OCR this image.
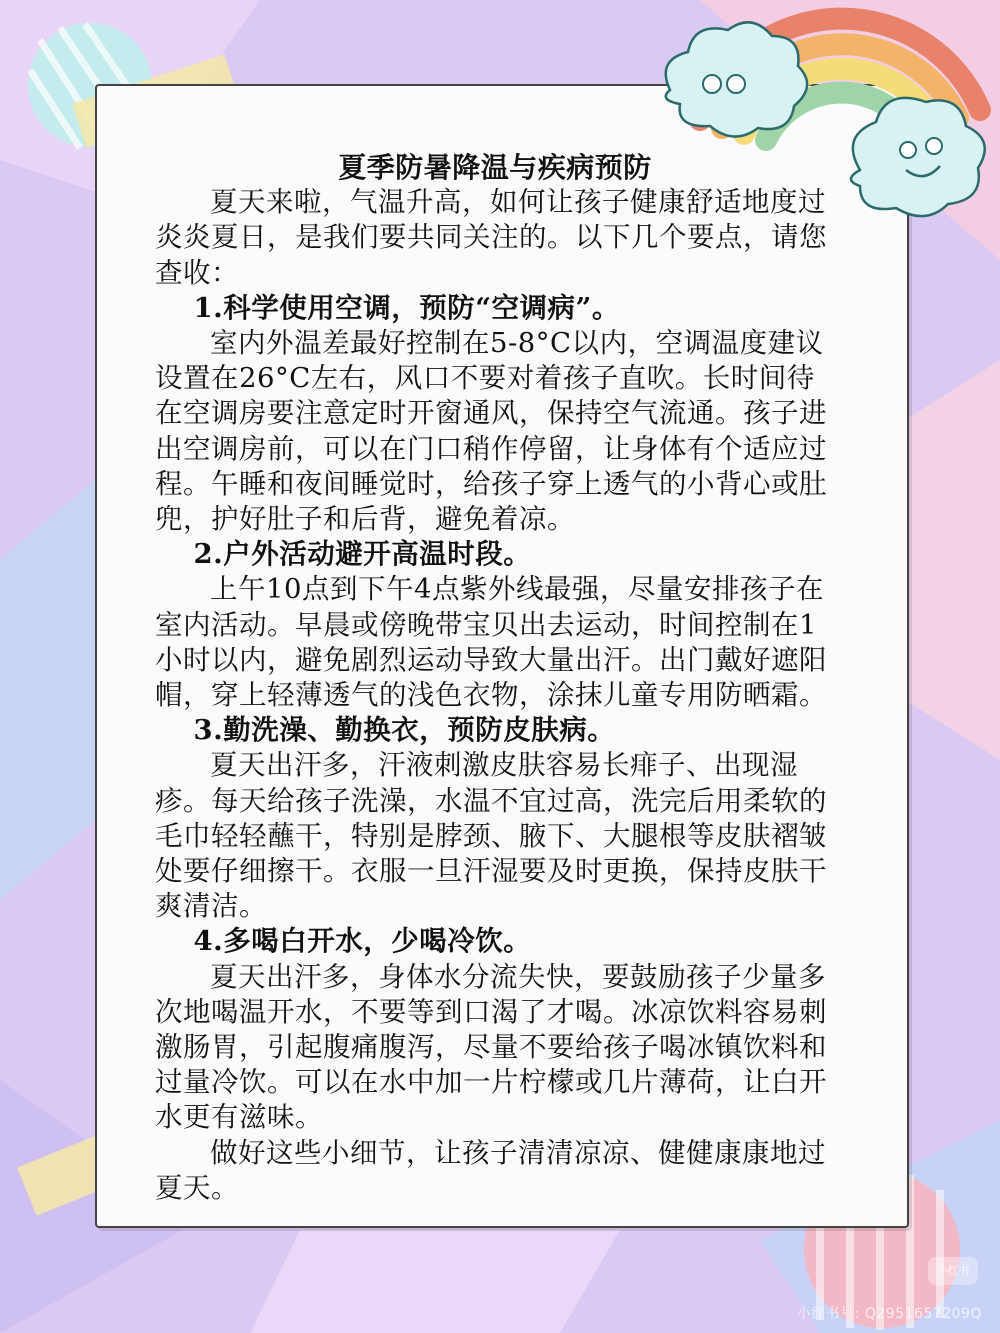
夏季防暑降温与疾病预防

夏天来啦，气温升高，如何让孩子健康舒适地度过炎炎夏日，是我们要共同关注的。以下几个要点，请您查收：

1.科学使用空调，预防“空调病”。

室内外温差最好控制在5-8°C以内，空调温度建议设置在26°C左右，风口不要对着孩子直吹。长时间待在空调房要注意定时开窗通风，保持空气流通。孩子进出空调房前，可以在门口稍作停留，让身体有个适应过程。午睡和夜间睡觉时，给孩子穿上透气的小背心或肚兜，护好肚子和后背，避免着凉。

2.户外活动避开高温时段。

上午10点到下午4点紫外线最强，尽量安排孩子在室内活动。早晨或傍晚带宝贝出去运动，时间控制在1小时以内，避免剧烈运动导致大量出汗。出门戴好遮阳帽，穿上轻薄透气的浅色衣物，涂抹儿童专用防晒霜。

3.勤洗澡、勤换衣，预防皮肤病。

夏天出汗多，汗液刺激皮肤容易长痱子、出现湿疹。每天给孩子洗澡，水温不宜过高，洗完后用柔软的毛巾轻轻蘸干，特别是脖颈、腋下、大腿根等皮肤褶皱处要仔细擦干。衣服一旦汗湿要及时更换，保持皮肤干爽清洁。

4.多喝白开水，少喝冷饮。

夏天出汗多，身体水分流失快，要鼓励孩子少量多次地喝温开水，不要等到口渴了才喝。冰凉饮料容易刺激肠胃，引起腹痛腹泻，尽量不要给孩子喝冰镇饮料和过量冷饮。可以在水中加一片柠檬或几片薄荷，让白开水更有滋味。

做好这些小细节，让孩子清清凉凉、健健康康地过夏天。

小红书
小红书号: Q2951657209Q
